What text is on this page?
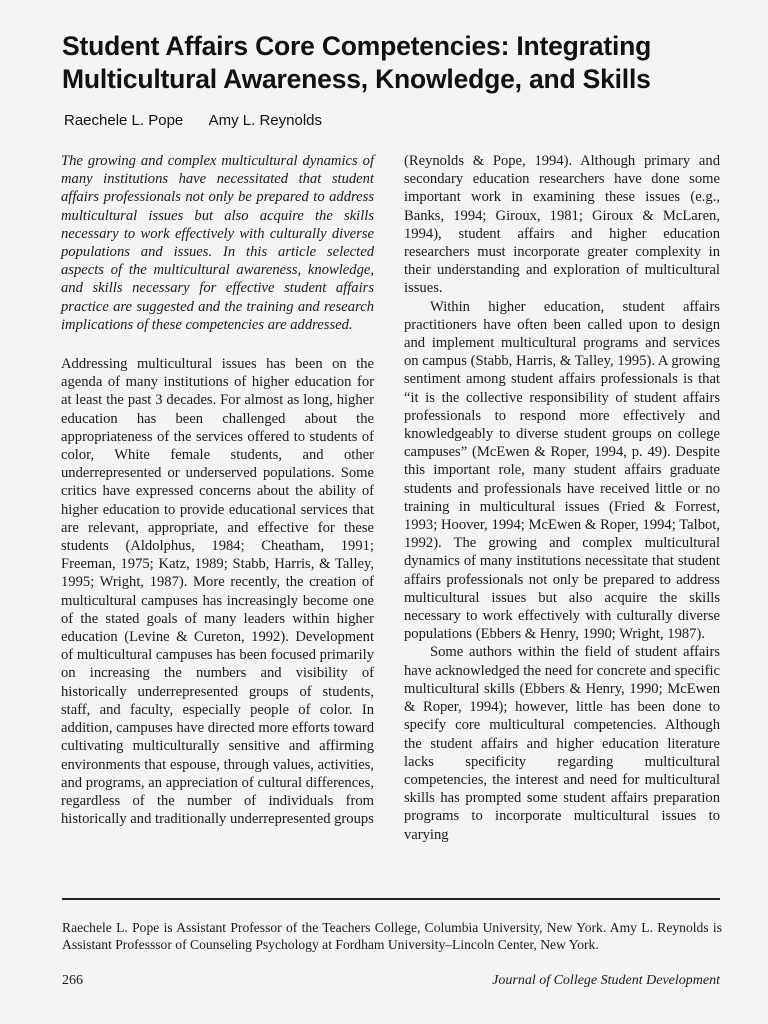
Student Affairs Core Competencies: Integrating Multicultural Awareness, Knowledge, and Skills
Raechele L. Pope Amy L. Reynolds

The growing and complex multicultural dynamics of many institutions have necessitated that student affairs professionals not only be prepared to address multicultural issues but also acquire the skills necessary to work effectively with culturally diverse populations and issues. In this article selected aspects of the multicultural awareness, knowledge, and skills necessary for effective student affairs practice are suggested and the training and research implications of these competencies are addressed.

Addressing multicultural issues has been on the agenda of many institutions of higher education for at least the past 3 decades. For almost as long, higher education has been challenged about the appropriateness of the services offered to students of color, White female students, and other underrepresented or underserved populations. Some critics have expressed concerns about the ability of higher education to provide educational services that are relevant, appropriate, and effective for these students (Aldolphus, 1984; Cheatham, 1991; Freeman, 1975; Katz, 1989; Stabb, Harris, & Talley, 1995; Wright, 1987). More recently, the creation of multicultural campuses has increasingly become one of the stated goals of many leaders within higher education (Levine & Cureton, 1992). Development of multicultural campuses has been focused primarily on increasing the numbers and visibility of historically underrepresented groups of students, staff, and faculty, especially people of color. In addition, campuses have directed more efforts toward cultivating multiculturally sensitive and affirming environments that espouse, through values, activities, and programs, an appreciation of cultural differences, regardless of the number of individuals from historically and traditionally underrepresented groups

(Reynolds & Pope, 1994). Although primary and secondary education researchers have done some important work in examining these issues (e.g., Banks, 1994; Giroux, 1981; Giroux & McLaren, 1994), student affairs and higher education researchers must incorporate greater complexity in their understanding and exploration of multicultural issues.

Within higher education, student affairs practitioners have often been called upon to design and implement multicultural programs and services on campus (Stabb, Harris, & Talley, 1995). A growing sentiment among student affairs professionals is that “it is the collective responsibility of student affairs professionals to respond more effectively and knowledgeably to diverse student groups on college campuses” (McEwen & Roper, 1994, p. 49). Despite this important role, many student affairs graduate students and professionals have received little or no training in multicultural issues (Fried & Forrest, 1993; Hoover, 1994; McEwen & Roper, 1994; Talbot, 1992). The growing and complex multicultural dynamics of many institutions necessitate that student affairs professionals not only be prepared to address multicultural issues but also acquire the skills necessary to work effectively with culturally diverse populations (Ebbers & Henry, 1990; Wright, 1987).

Some authors within the field of student affairs have acknowledged the need for concrete and specific multicultural skills (Ebbers & Henry, 1990; McEwen & Roper, 1994); however, little has been done to specify core multicultural competencies. Although the student affairs and higher education literature lacks specificity regarding multicultural competencies, the interest and need for multicultural skills has prompted some student affairs preparation programs to incorporate multicultural issues to varying

Raechele L. Pope is Assistant Professor of the Teachers College, Columbia University, New York. Amy L. Reynolds is Assistant Professsor of Counseling Psychology at Fordham University–Lincoln Center, New York.

266	Journal of College Student Development
